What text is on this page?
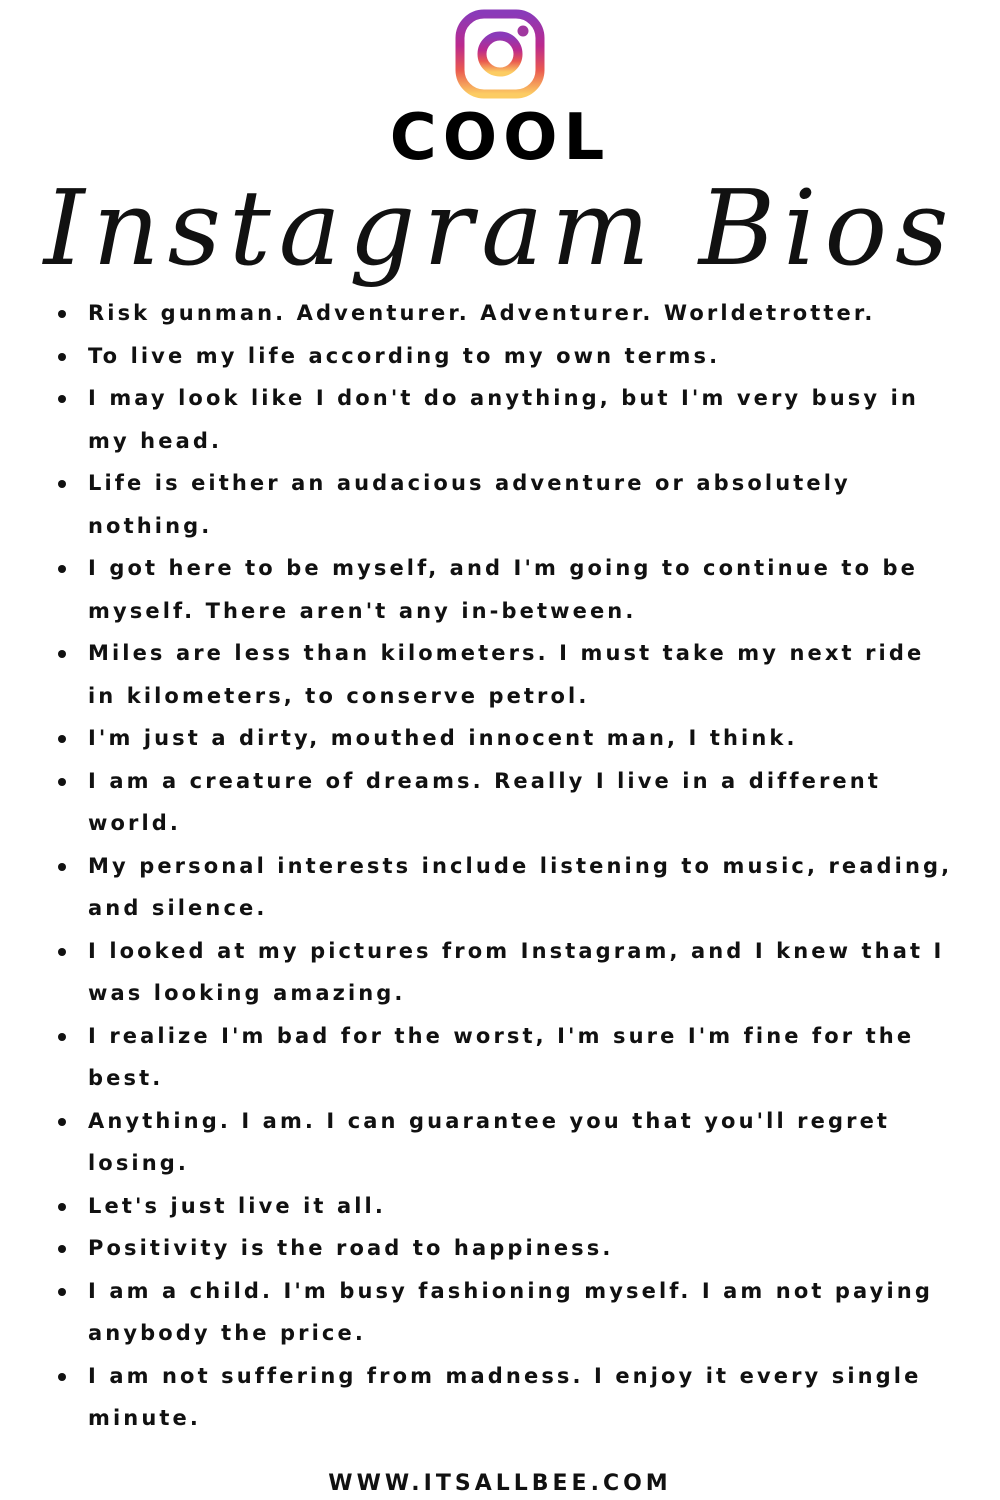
COOL
Instagram Bios
Risk gunman. Adventurer. Adventurer. Worldetrotter.
To live my life according to my own terms.
I may look like I don't do anything, but I'm very busy in my head.
Life is either an audacious adventure or absolutely nothing.
I got here to be myself, and I'm going to continue to be myself. There aren't any in-between.
Miles are less than kilometers. I must take my next ride in kilometers, to conserve petrol.
I'm just a dirty, mouthed innocent man, I think.
I am a creature of dreams. Really I live in a different world.
My personal interests include listening to music, reading, and silence.
I looked at my pictures from Instagram, and I knew that I was looking amazing.
I realize I'm bad for the worst, I'm sure I'm fine for the best.
Anything. I am. I can guarantee you that you'll regret losing.
Let's just live it all.
Positivity is the road to happiness.
I am a child. I'm busy fashioning myself. I am not paying anybody the price.
I am not suffering from madness. I enjoy it every single minute.
WWW.ITSALLBEE.COM
